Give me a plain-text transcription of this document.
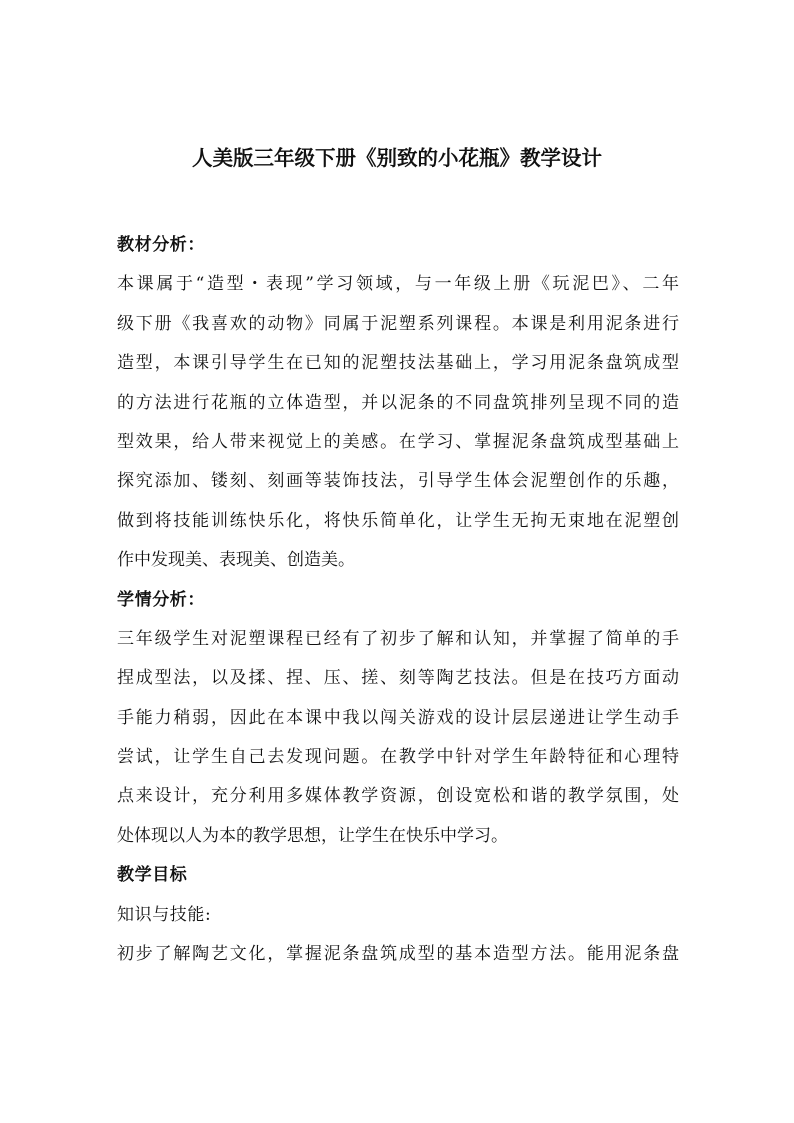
人美版三年级下册《别致的小花瓶》教学设计
教材分析：
本课属于“造型・表现”学习领域，与一年级上册《玩泥巴》、二年
级下册《我喜欢的动物》同属于泥塑系列课程。本课是利用泥条进行
造型，本课引导学生在已知的泥塑技法基础上，学习用泥条盘筑成型
的方法进行花瓶的立体造型，并以泥条的不同盘筑排列呈现不同的造
型效果，给人带来视觉上的美感。在学习、掌握泥条盘筑成型基础上
探究添加、镂刻、刻画等装饰技法，引导学生体会泥塑创作的乐趣，
做到将技能训练快乐化，将快乐简单化，让学生无拘无束地在泥塑创
作中发现美、表现美、创造美。
学情分析：
三年级学生对泥塑课程已经有了初步了解和认知，并掌握了简单的手
捏成型法，以及揉、捏、压、搓、刻等陶艺技法。但是在技巧方面动
手能力稍弱，因此在本课中我以闯关游戏的设计层层递进让学生动手
尝试，让学生自己去发现问题。在教学中针对学生年龄特征和心理特
点来设计，充分利用多媒体教学资源，创设宽松和谐的教学氛围，处
处体现以人为本的教学思想，让学生在快乐中学习。
教学目标
知识与技能:
初步了解陶艺文化，掌握泥条盘筑成型的基本造型方法。能用泥条盘
